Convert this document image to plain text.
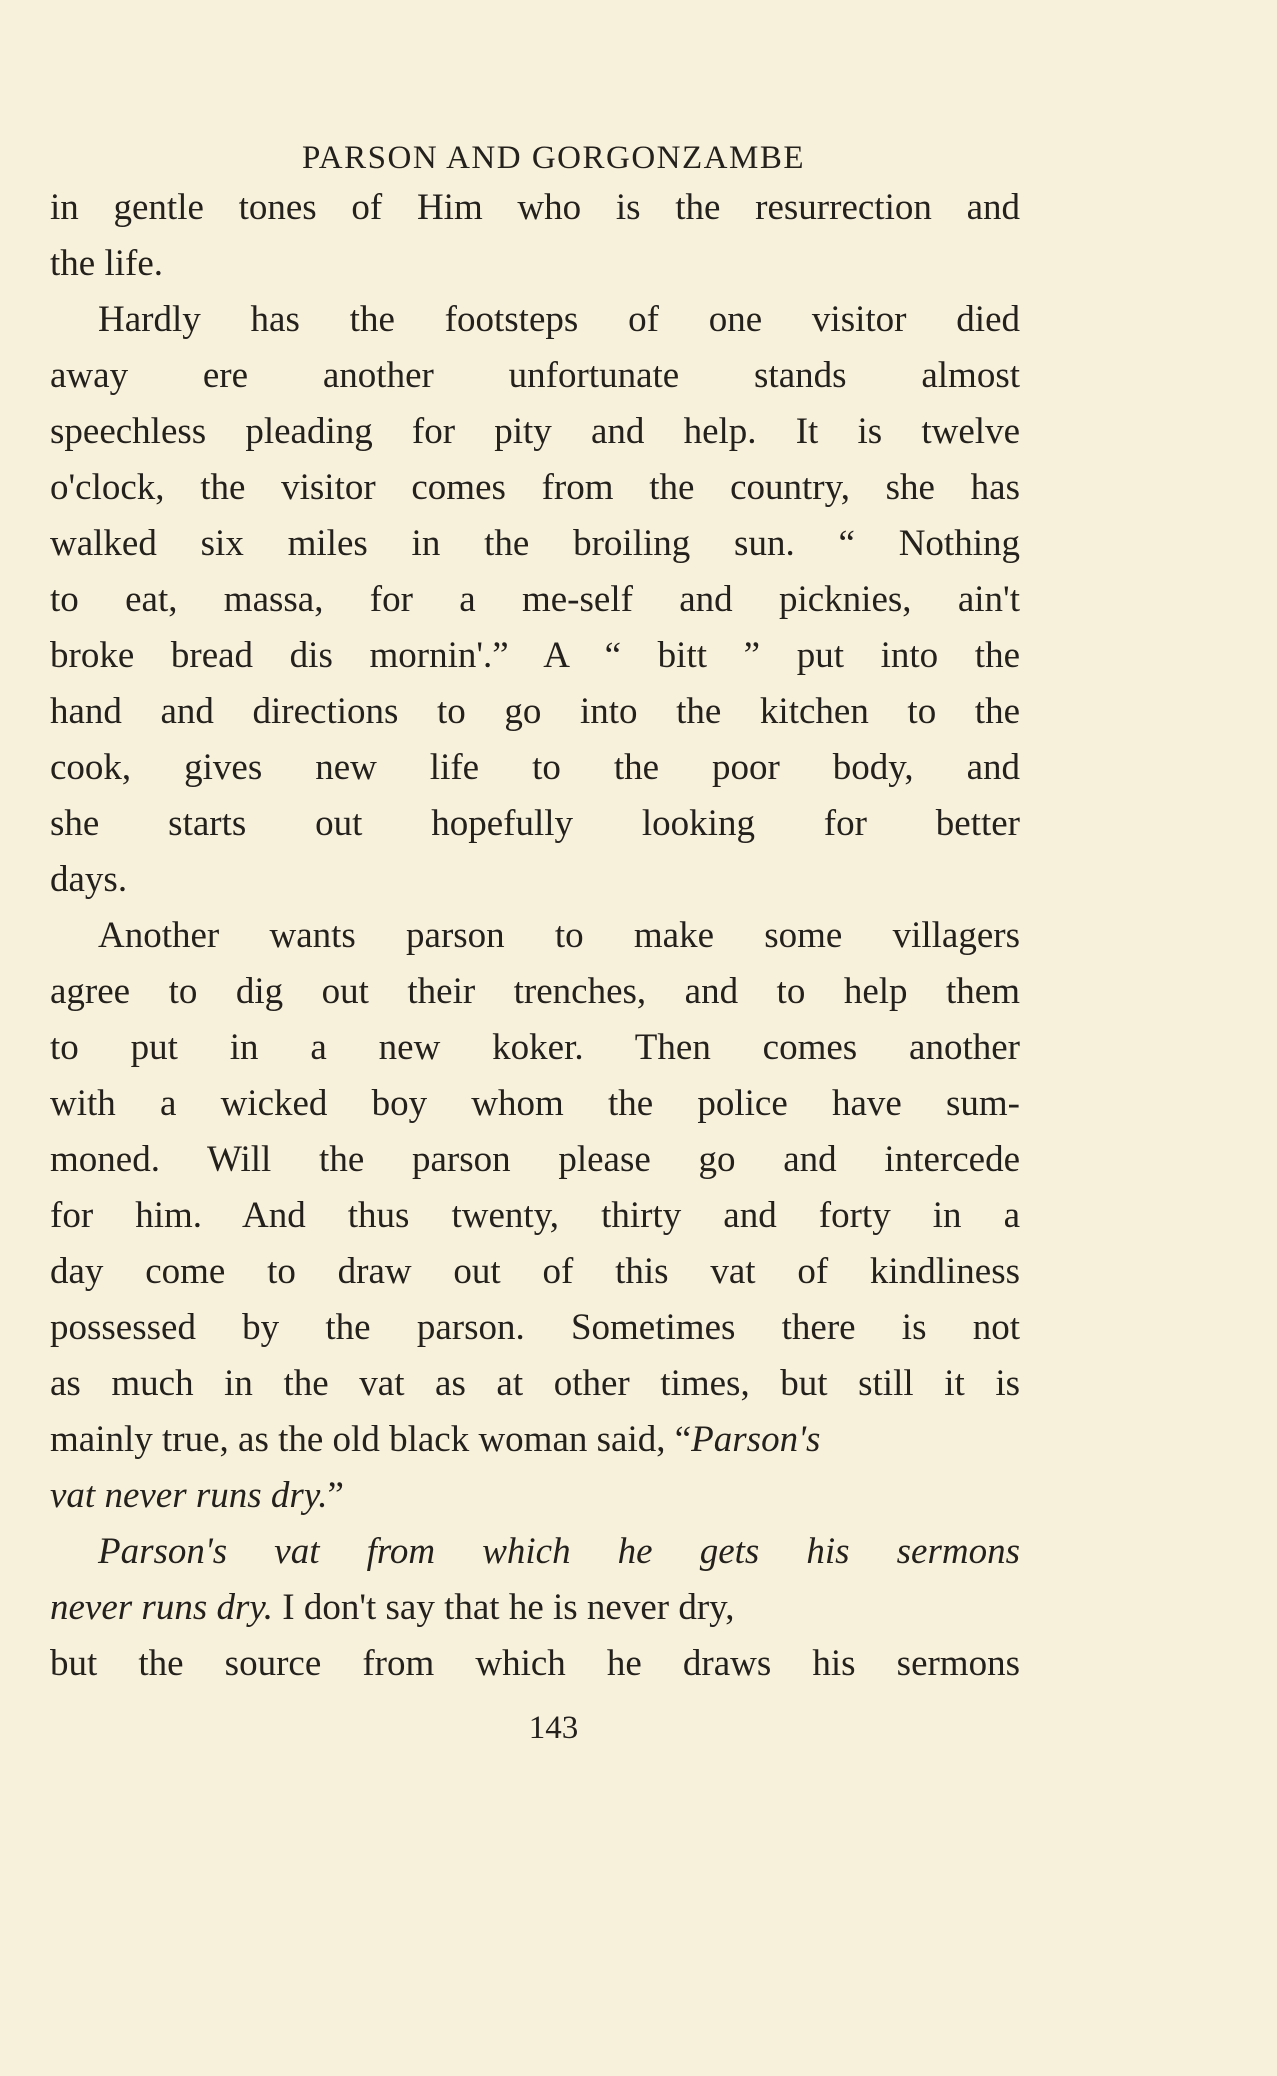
PARSON AND GORGONZAMBE
in gentle tones of Him who is the resurrection and
the life.
Hardly has the footsteps of one visitor died
away ere another unfortunate stands almost
speechless pleading for pity and help. It is twelve
o'clock, the visitor comes from the country, she has
walked six miles in the broiling sun. “ Nothing
to eat, massa, for a me-self and picknies, ain't
broke bread dis mornin'.” A “ bitt ” put into the
hand and directions to go into the kitchen to the
cook, gives new life to the poor body, and
she starts out hopefully looking for better
days.
Another wants parson to make some villagers
agree to dig out their trenches, and to help them
to put in a new koker. Then comes another
with a wicked boy whom the police have sum-
moned. Will the parson please go and intercede
for him. And thus twenty, thirty and forty in a
day come to draw out of this vat of kindliness
possessed by the parson. Sometimes there is not
as much in the vat as at other times, but still it is
mainly true, as the old black woman said, “Parson's
vat never runs dry.”
Parson's vat from which he gets his sermons
never runs dry. I don't say that he is never dry,
but the source from which he draws his sermons
143
